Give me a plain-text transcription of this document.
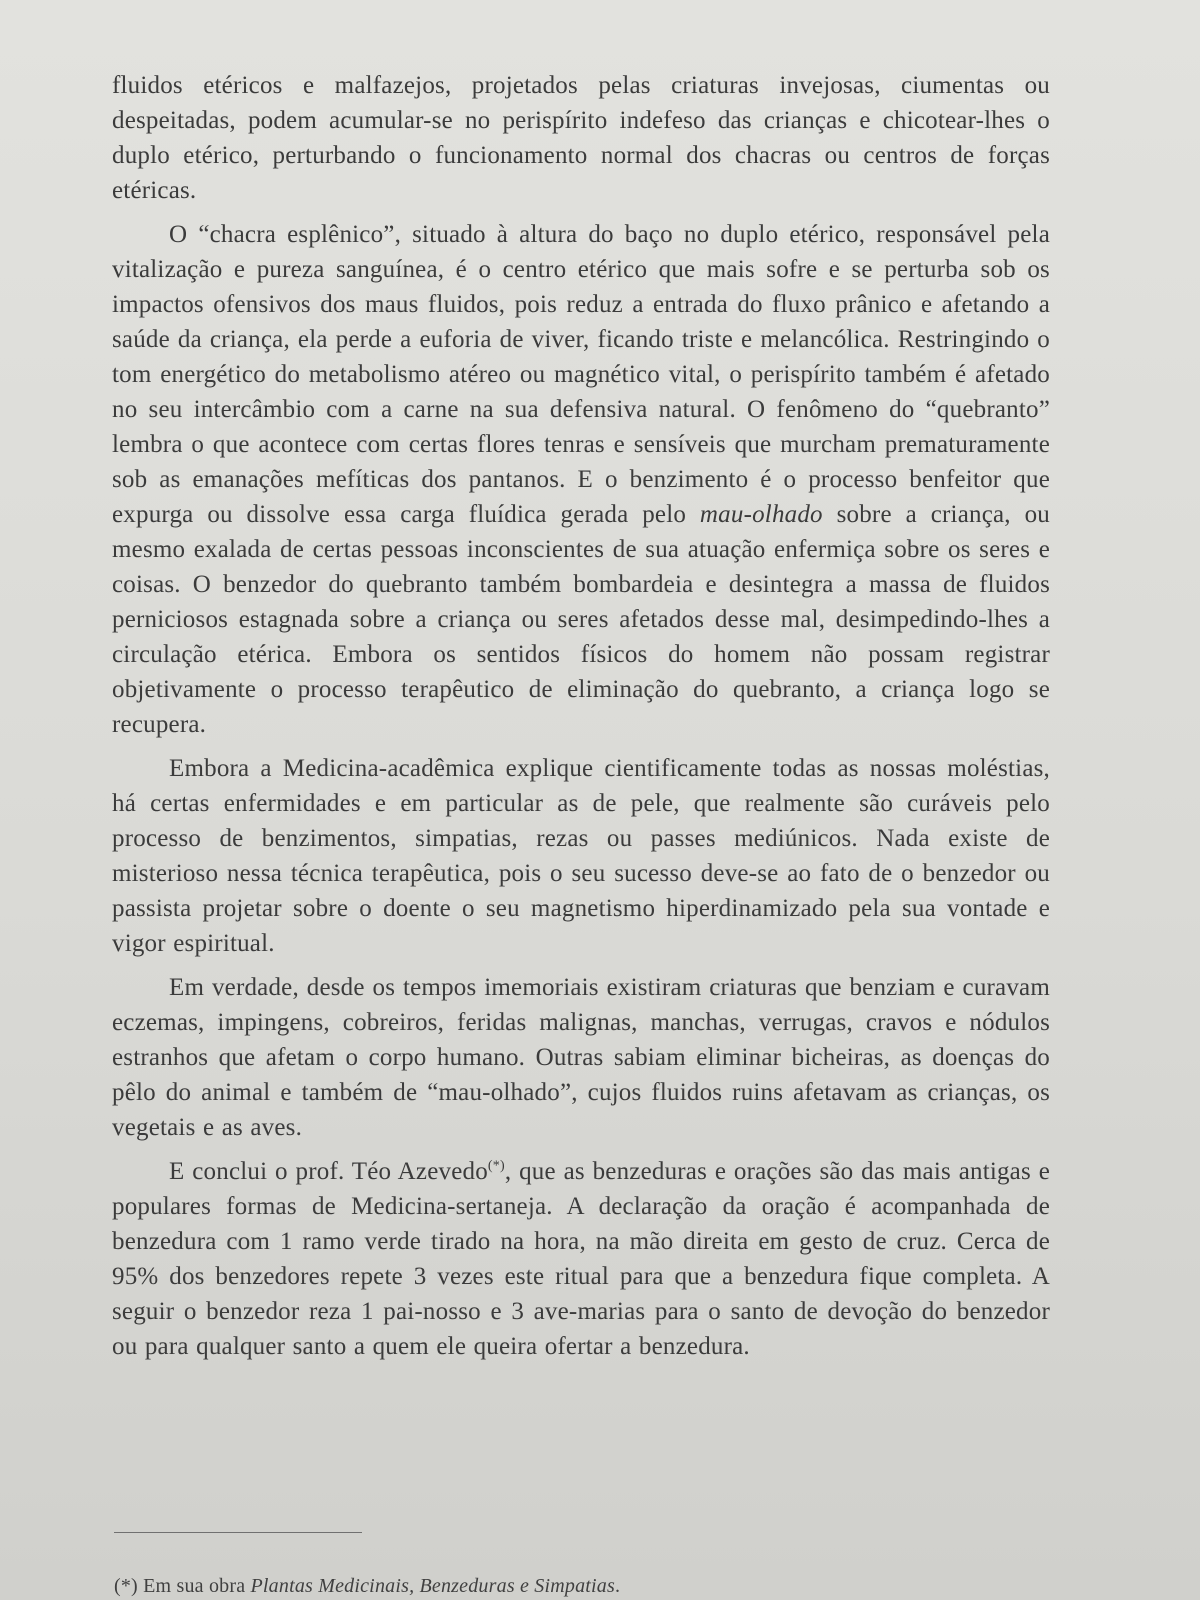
fluidos etéricos e malfazejos, projetados pelas criaturas invejosas, ciumentas ou despeitadas, podem acumular-se no perispírito indefeso das crianças e chicotear-lhes o duplo etérico, perturbando o funcionamento normal dos chacras ou centros de forças etéricas.

O “chacra esplênico”, situado à altura do baço no duplo etérico, responsável pela vitalização e pureza sanguínea, é o centro etérico que mais sofre e se perturba sob os impactos ofensivos dos maus fluidos, pois reduz a entrada do fluxo prânico e afetando a saúde da criança, ela perde a euforia de viver, ficando triste e melancólica. Restringindo o tom energético do metabolismo atéreo ou magnético vital, o perispírito também é afetado no seu intercâmbio com a carne na sua defensiva natural. O fenômeno do “quebranto” lembra o que acontece com certas flores tenras e sensíveis que murcham prematuramente sob as emanações mefíticas dos pantanos. E o benzimento é o processo benfeitor que expurga ou dissolve essa carga fluídica gerada pelo mau-olhado sobre a criança, ou mesmo exalada de certas pessoas inconscientes de sua atuação enfermiça sobre os seres e coisas. O benzedor do quebranto também bombardeia e desintegra a massa de fluidos perniciosos estagnada sobre a criança ou seres afetados desse mal, desimpedindo-lhes a circulação etérica. Embora os sentidos físicos do homem não possam registrar objetivamente o processo terapêutico de eliminação do quebranto, a criança logo se recupera.

Embora a Medicina-acadêmica explique cientificamente todas as nossas moléstias, há certas enfermidades e em particular as de pele, que realmente são curáveis pelo processo de benzimentos, simpatias, rezas ou passes mediúnicos. Nada existe de misterioso nessa técnica terapêutica, pois o seu sucesso deve-se ao fato de o benzedor ou passista projetar sobre o doente o seu magnetismo hiperdinamizado pela sua vontade e vigor espiritual.

Em verdade, desde os tempos imemoriais existiram criaturas que benziam e curavam eczemas, impingens, cobreiros, feridas malignas, manchas, verrugas, cravos e nódulos estranhos que afetam o corpo humano. Outras sabiam eliminar bicheiras, as doenças do pêlo do animal e também de “mau-olhado”, cujos fluidos ruins afetavam as crianças, os vegetais e as aves.

E conclui o prof. Téo Azevedo(*), que as benzeduras e orações são das mais antigas e populares formas de Medicina-sertaneja. A declaração da oração é acompanhada de benzedura com 1 ramo verde tirado na hora, na mão direita em gesto de cruz. Cerca de 95% dos benzedores repete 3 vezes este ritual para que a benzedura fique completa. A seguir o benzedor reza 1 pai-nosso e 3 ave-marias para o santo de devoção do benzedor ou para qualquer santo a quem ele queira ofertar a benzedura.

(*) Em sua obra Plantas Medicinais, Benzeduras e Simpatias.
